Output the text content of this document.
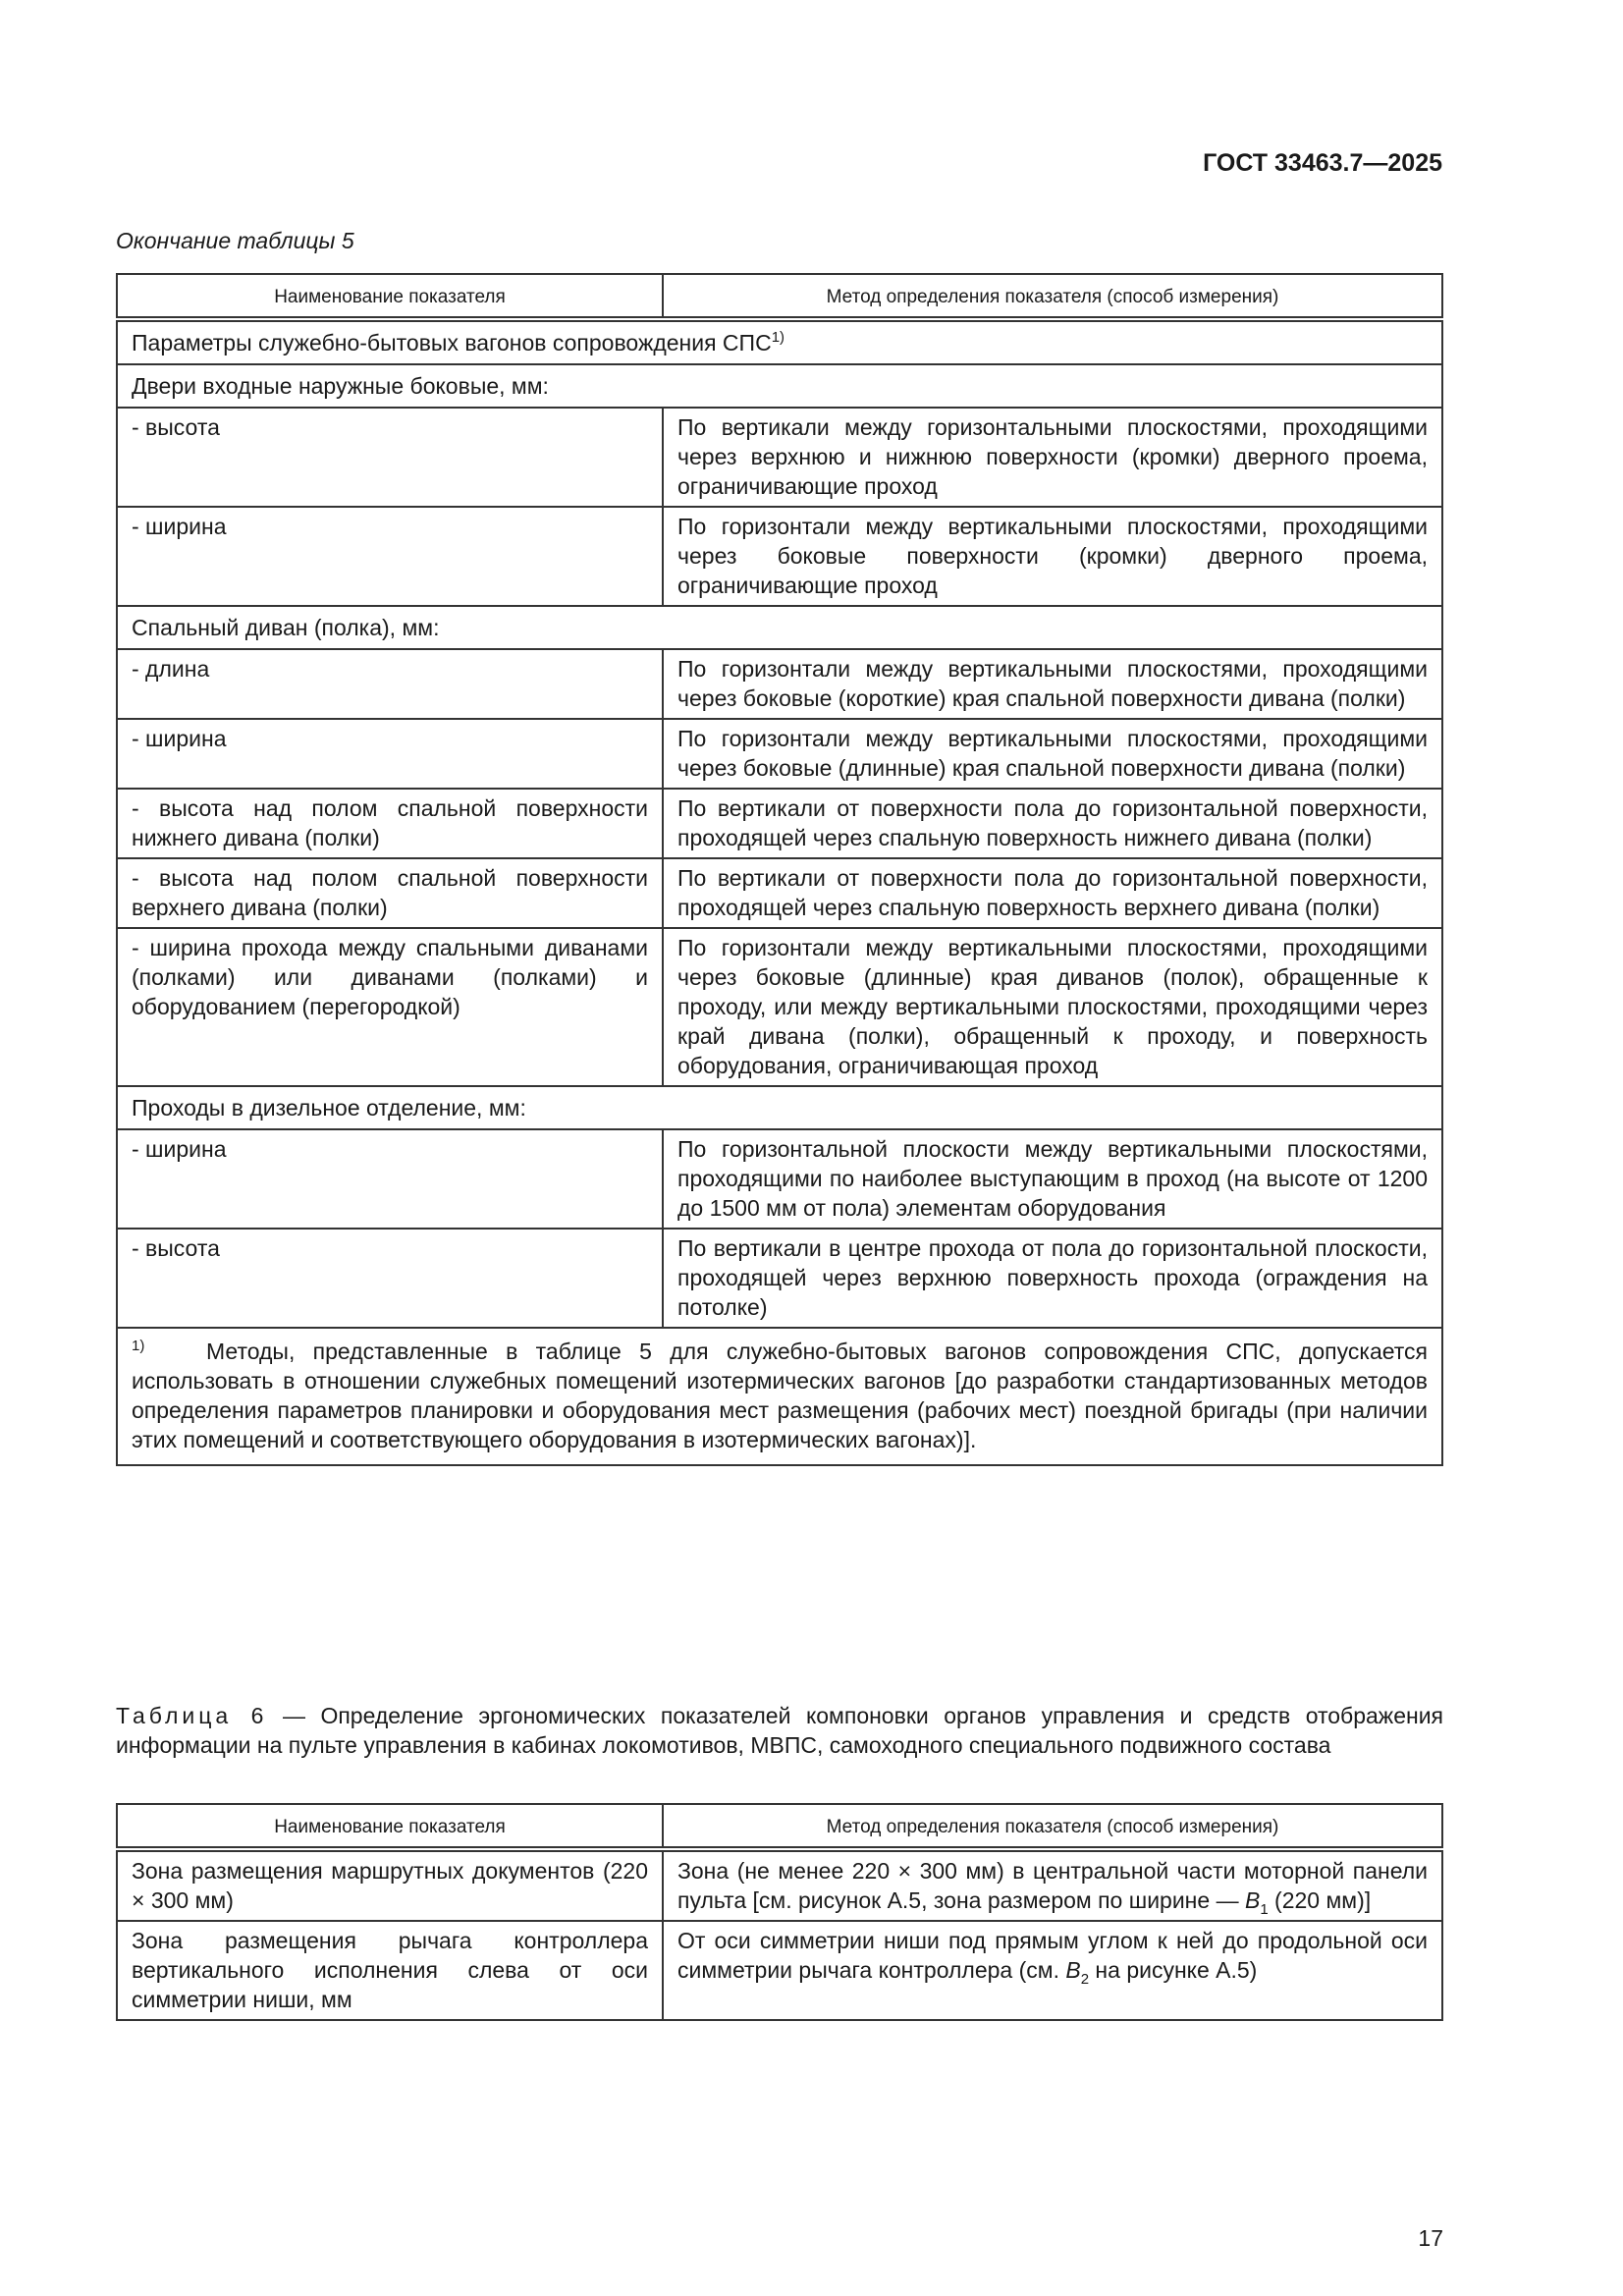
ГОСТ 33463.7—2025
Окончание таблицы 5
Наименование показателя	Метод определения показателя (способ измерения)
Параметры служебно-бытовых вагонов сопровождения СПС$^{1)}$
Двери входные наружные боковые, мм:	
- высота	По вертикали между горизонтальными плоскостями, проходящими через верхнюю и нижнюю поверхности (кромки) дверного проема, ограничивающие проход
- ширина	По горизонтали между вертикальными плоскостями, проходящими через боковые поверхности (кромки) дверного проема, ограничивающие проход
Спальный диван (полка), мм:	
- длина	По горизонтали между вертикальными плоскостями, проходящими через боковые (короткие) края спальной поверхности дивана (полки)
- ширина	По горизонтали между вертикальными плоскостями, проходящими через боковые (длинные) края спальной поверхности дивана (полки)
- высота над полом спальной поверхности нижнего дивана (полки)	По вертикали от поверхности пола до горизонтальной поверхности, проходящей через спальную поверхность нижнего дивана (полки)
- высота над полом спальной поверхности верхнего дивана (полки)	По вертикали от поверхности пола до горизонтальной поверхности, проходящей через спальную поверхность верхнего дивана (полки)
- ширина прохода между спальными диванами (полками) или диванами (полками) и оборудованием (перегородкой)	По горизонтали между вертикальными плоскостями, проходящими через боковые (длинные) края диванов (полок), обращенные к проходу, или между вертикальными плоскостями, проходящими через край дивана (полки), обращенный к проходу, и поверхность оборудования, ограничивающая проход
Проходы в дизельное отделение, мм:	
- ширина	По горизонтальной плоскости между вертикальными плоскостями, проходящими по наиболее выступающим в проход (на высоте от 1200 до 1500 мм от пола) элементам оборудования
- высота	По вертикали в центре прохода от пола до горизонтальной плоскости, проходящей через верхнюю поверхность прохода (ограждения на потолке)
$^{1)}$ Методы, представленные в таблице 5 для служебно-бытовых вагонов сопровождения СПС, допускается использовать в отношении служебных помещений изотермических вагонов [до разработки стандартизованных методов определения параметров планировки и оборудования мест размещения (рабочих мест) поездной бригады (при наличии этих помещений и соответствующего оборудования в изотермических вагонах)].	
Таблица 6 — Определение эргономических показателей компоновки органов управления и средств отображения информации на пульте управления в кабинах локомотивов, МВПС, самоходного специального подвижного состава
Наименование показателя	Метод определения показателя (способ измерения)
Зона размещения маршрутных документов (220 × 300 мм)	Зона (не менее 220 × 300 мм) в центральной части моторной панели пульта [см. рисунок А.5, зона размером по ширине — $B_1$ (220 мм)]
Зона размещения рычага контроллера вертикального исполнения слева от оси симметрии ниши, мм	От оси симметрии ниши под прямым углом к ней до продольной оси симметрии рычага контроллера (см. $B_2$ на рисунке А.5)
17
